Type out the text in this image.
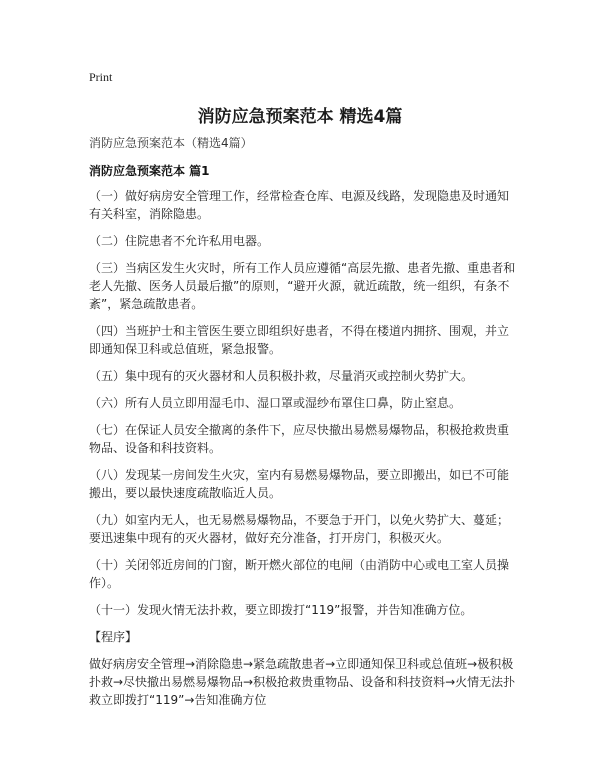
Print
消防应急预案范本 精选4篇
消防应急预案范本（精选4篇）
消防应急预案范本 篇1

（一）做好病房安全管理工作，经常检查仓库、电源及线路，发现隐患及时通知有关科室，消除隐患。

（二）住院患者不允许私用电器。

（三）当病区发生火灾时，所有工作人员应遵循“高层先撤、患者先撤、重患者和老人先撤、医务人员最后撤”的原则，“避开火源，就近疏散，统一组织，有条不紊”，紧急疏散患者。

（四）当班护士和主管医生要立即组织好患者，不得在楼道内拥挤、围观，并立即通知保卫科或总值班，紧急报警。

（五）集中现有的灭火器材和人员积极扑救，尽量消灭或控制火势扩大。

（六）所有人员立即用湿毛巾、湿口罩或湿纱布罩住口鼻，防止窒息。

（七）在保证人员安全撤离的条件下，应尽快撤出易燃易爆物品，积极抢救贵重物品、设备和科技资料。

（八）发现某一房间发生火灾，室内有易燃易爆物品，要立即搬出，如已不可能搬出，要以最快速度疏散临近人员。

（九）如室内无人，也无易燃易爆物品，不要急于开门，以免火势扩大、蔓延；要迅速集中现有的灭火器材，做好充分准备，打开房门，积极灭火。

（十）关闭邻近房间的门窗，断开燃火部位的电闸（由消防中心或电工室人员操作）。

（十一）发现火情无法扑救，要立即拨打“119”报警，并告知准确方位。

【程序】

做好病房安全管理→消除隐患→紧急疏散患者→立即通知保卫科或总值班→极积极扑救→尽快撤出易燃易爆物品→积极抢救贵重物品、设备和科技资料→火情无法扑救立即拨打“119”→告知准确方位
